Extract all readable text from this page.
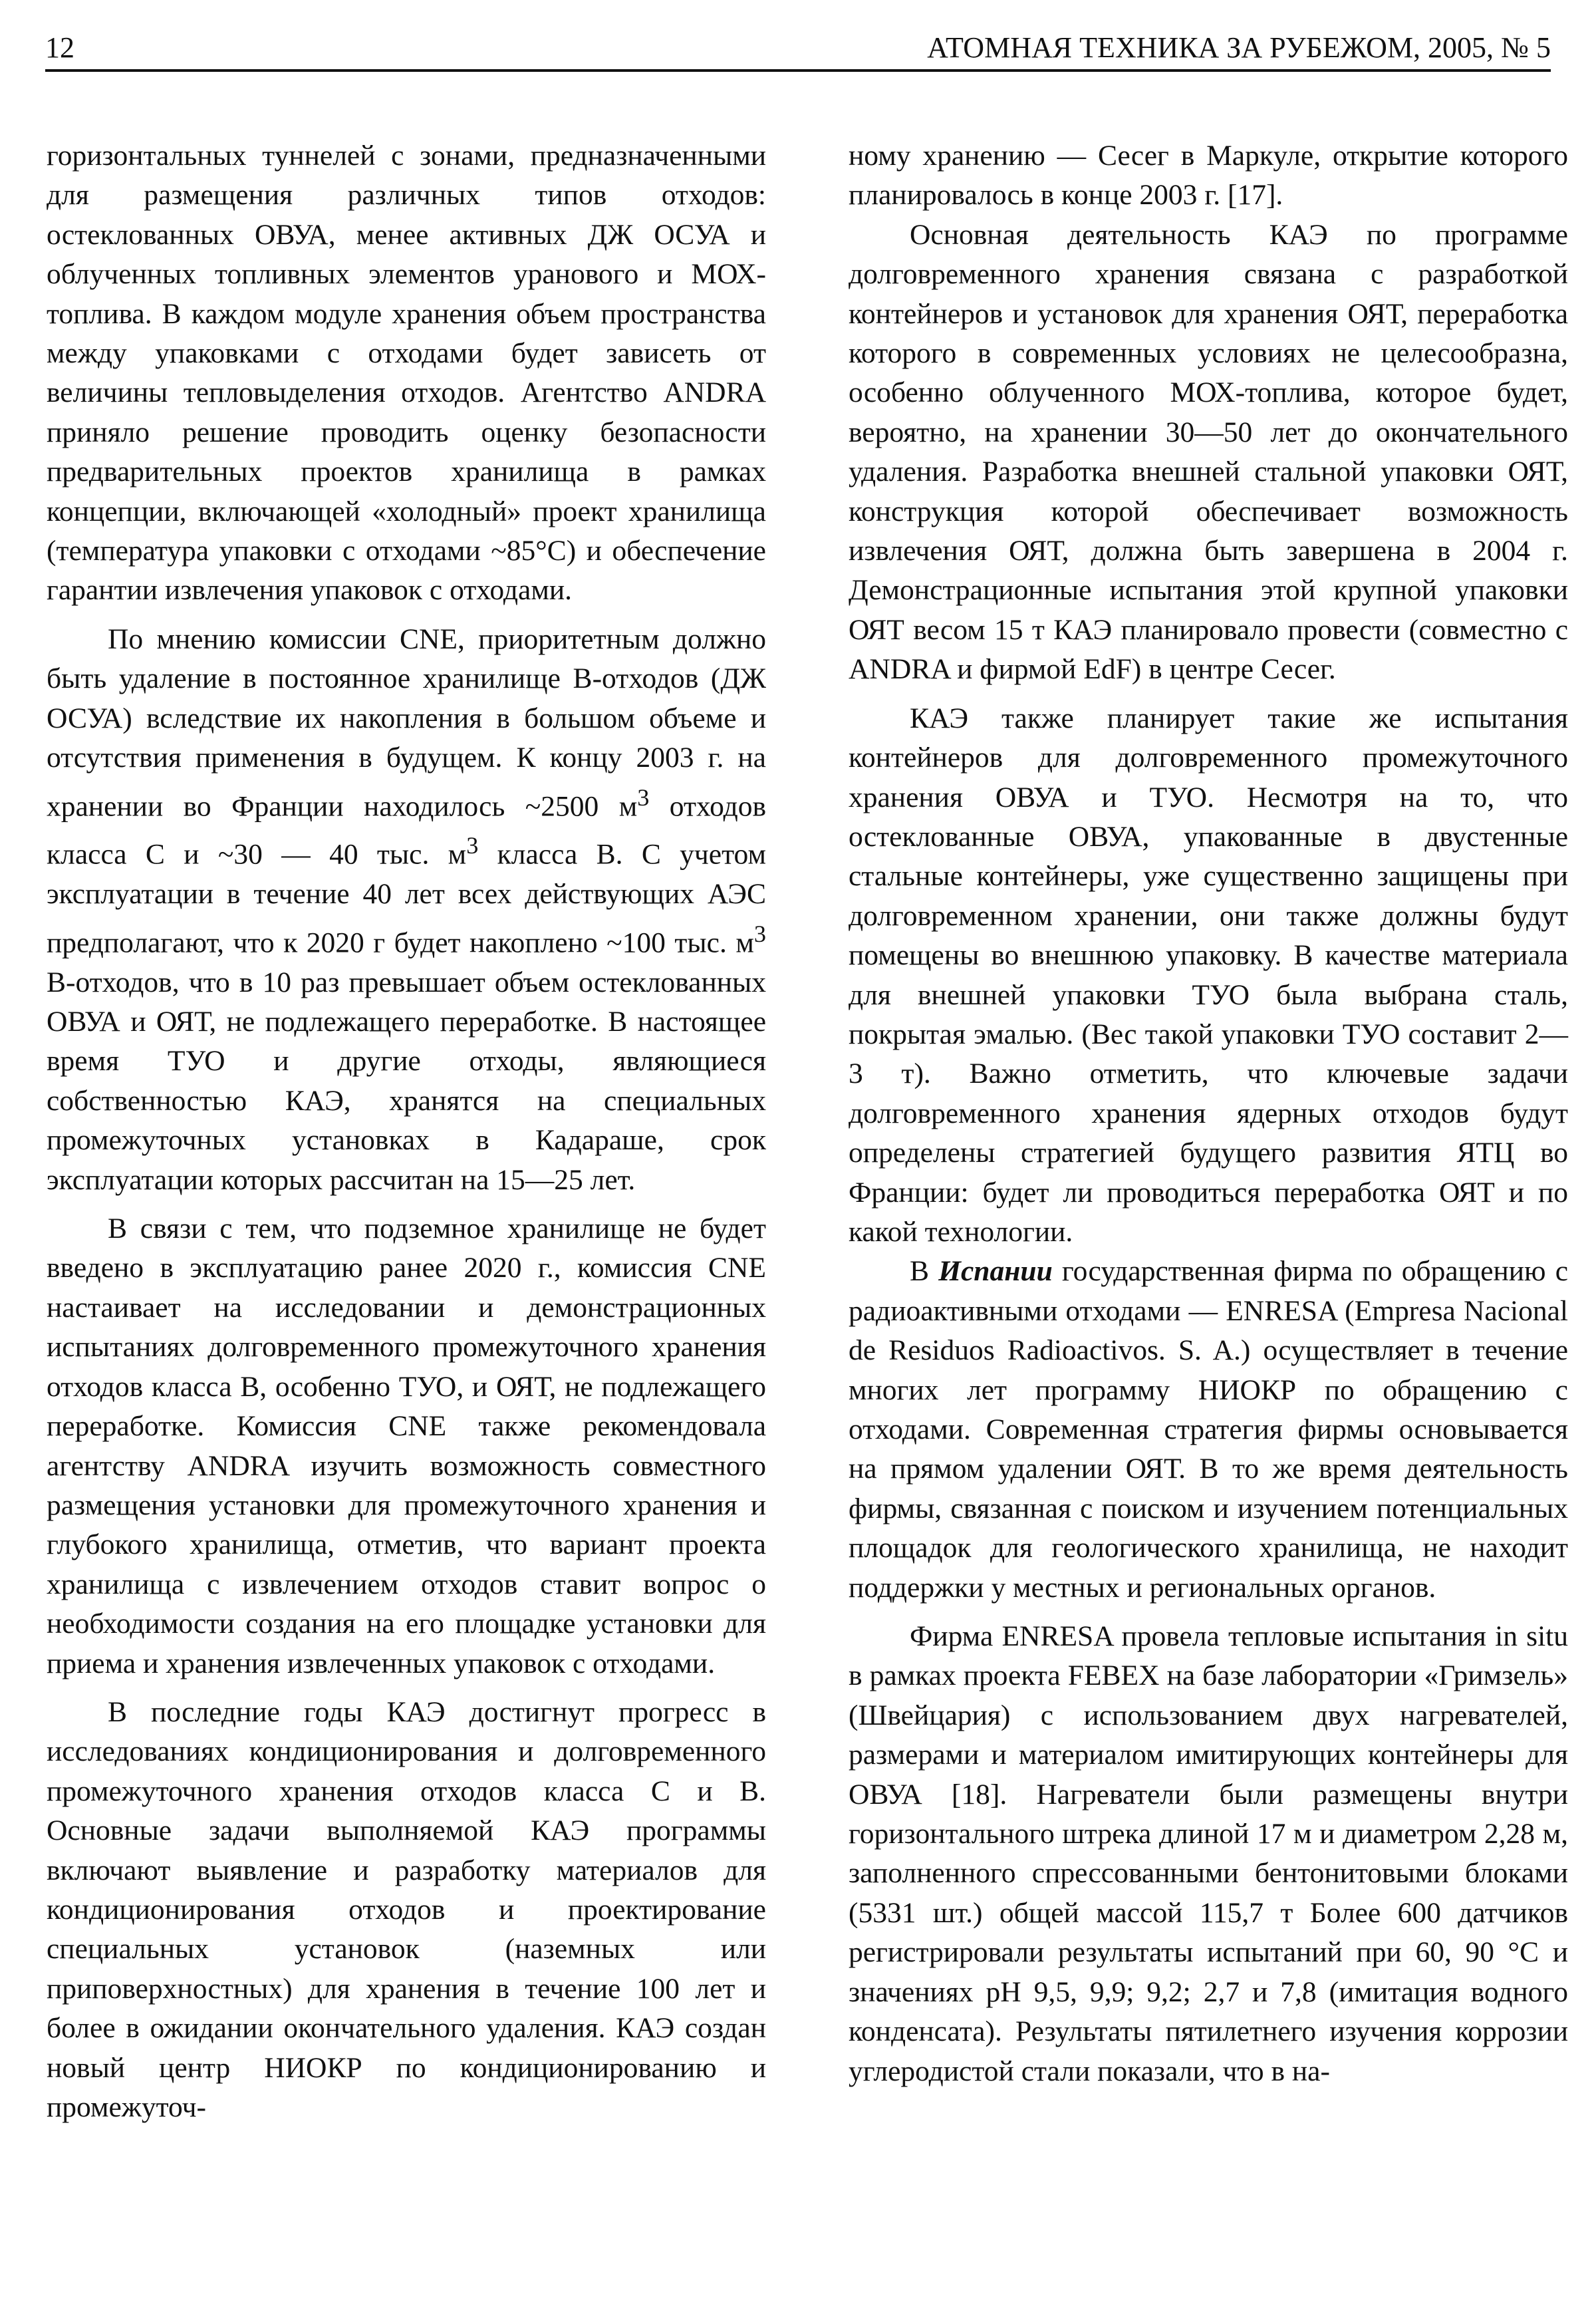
12	АТОМНАЯ ТЕХНИКА ЗА РУБЕЖОМ, 2005, № 5

горизонтальных туннелей с зонами, предназначенными для размещения различных типов отходов: остеклованных ОВУА, менее активных ДЖ ОСУА и облученных топливных элементов уранового и МОХ-топлива. В каждом модуле хранения объем пространства между упаковками с отходами будет зависеть от величины тепловыделения отходов. Агентство ANDRA приняло решение проводить оценку безопасности предварительных проектов хранилища в рамках концепции, включающей «холодный» проект хранилища (температура упаковки с отходами ~85°C) и обеспечение гарантии извлечения упаковок с отходами.

По мнению комиссии CNE, приоритетным должно быть удаление в постоянное хранилище В-отходов (ДЖ ОСУА) вследствие их накопления в большом объеме и отсутствия применения в будущем. К концу 2003 г. на хранении во Франции находилось ~2500 $м^3$ отходов класса С и ~30 — 40 тыс. $м^3$ класса В. С учетом эксплуатации в течение 40 лет всех действующих АЭС предполагают, что к 2020 г будет накоплено ~100 тыс. $м^3$ В-отходов, что в 10 раз превышает объем остеклованных ОВУА и ОЯТ, не подлежащего переработке. В настоящее время ТУО и другие отходы, являющиеся собственностью КАЭ, хранятся на специальных промежуточных установках в Кадараше, срок эксплуатации которых рассчитан на 15—25 лет.

В связи с тем, что подземное хранилище не будет введено в эксплуатацию ранее 2020 г., комиссия CNE настаивает на исследовании и демонстрационных испытаниях долговременного промежуточного хранения отходов класса В, особенно ТУО, и ОЯТ, не подлежащего переработке. Комиссия CNE также рекомендовала агентству ANDRA изучить возможность совместного размещения установки для промежуточного хранения и глубокого хранилища, отметив, что вариант проекта хранилища с извлечением отходов ставит вопрос о необходимости создания на его площадке установки для приема и хранения извлеченных упаковок с отходами.

В последние годы КАЭ достигнут прогресс в исследованиях кондиционирования и долговременного промежуточного хранения отходов класса С и В. Основные задачи выполняемой КАЭ программы включают выявление и разработку материалов для кондиционирования отходов и проектирование специальных установок (наземных или приповерхностных) для хранения в течение 100 лет и более в ожидании окончательного удаления. КАЭ создан новый центр НИОКР по кондиционированию и промежуточ-

ному хранению — Сесег в Маркуле, открытие которого планировалось в конце 2003 г. [17].

Основная деятельность КАЭ по программе долговременного хранения связана с разработкой контейнеров и установок для хранения ОЯТ, переработка которого в современных условиях не целесообразна, особенно облученного МОХ-топлива, которое будет, вероятно, на хранении 30—50 лет до окончательного удаления. Разработка внешней стальной упаковки ОЯТ, конструкция которой обеспечивает возможность извлечения ОЯТ, должна быть завершена в 2004 г. Демонстрационные испытания этой крупной упаковки ОЯТ весом 15 т КАЭ планировало провести (совместно с ANDRA и фирмой EdF) в центре Сесег.

КАЭ также планирует такие же испытания контейнеров для долговременного промежуточного хранения ОВУА и ТУО. Несмотря на то, что остеклованные ОВУА, упакованные в двустенные стальные контейнеры, уже существенно защищены при долговременном хранении, они также должны будут помещены во внешнюю упаковку. В качестве материала для внешней упаковки ТУО была выбрана сталь, покрытая эмалью. (Вес такой упаковки ТУО составит 2—3 т). Важно отметить, что ключевые задачи долговременного хранения ядерных отходов будут определены стратегией будущего развития ЯТЦ во Франции: будет ли проводиться переработка ОЯТ и по какой технологии.

В Испании государственная фирма по обращению с радиоактивными отходами — ENRESA (Empresa Nacional de Residuos Radioactivos. S. A.) осуществляет в течение многих лет программу НИОКР по обращению с отходами. Современная стратегия фирмы основывается на прямом удалении ОЯТ. В то же время деятельность фирмы, связанная с поиском и изучением потенциальных площадок для геологического хранилища, не находит поддержки у местных и региональных органов.

Фирма ENRESA провела тепловые испытания in situ в рамках проекта FEBEX на базе лаборатории «Гримзель» (Швейцария) с использованием двух нагревателей, размерами и материалом имитирующих контейнеры для ОВУА [18]. Нагреватели были размещены внутри горизонтального штрека длиной 17 м и диаметром 2,28 м, заполненного спрессованными бентонитовыми блоками (5331 шт.) общей массой 115,7 т Более 600 датчиков регистрировали результаты испытаний при 60, 90 °С и значениях рН 9,5, 9,9; 9,2; 2,7 и 7,8 (имитация водного конденсата). Результаты пятилетнего изучения коррозии углеродистой стали показали, что в на-
